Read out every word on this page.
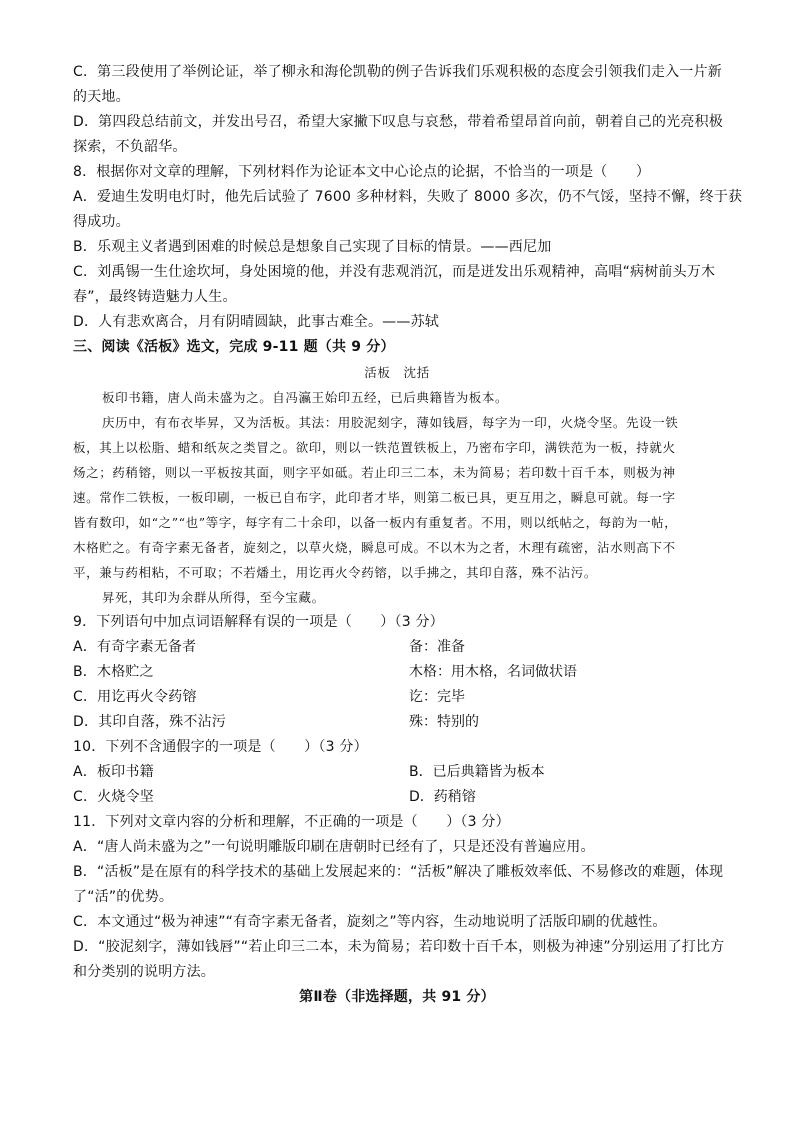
C．第三段使用了举例论证，举了柳永和海伦凯勒的例子告诉我们乐观积极的态度会引领我们走入一片新
的天地。
D．第四段总结前文，并发出号召，希望大家撇下叹息与哀愁，带着希望昂首向前，朝着自己的光亮积极
探索，不负韶华。
8．根据你对文章的理解，下列材料作为论证本文中心论点的论据，不恰当的一项是（　　）
A．爱迪生发明电灯时，他先后试验了 7600 多种材料，失败了 8000 多次，仍不气馁，坚持不懈，终于获
得成功。
B．乐观主义者遇到困难的时候总是想象自己实现了目标的情景。——西尼加
C．刘禹锡一生仕途坎坷，身处困境的他，并没有悲观消沉，而是迸发出乐观精神，高唱“病树前头万木
春”，最终铸造魅力人生。
D．人有悲欢离合，月有阴晴圆缺，此事古难全。——苏轼
三、阅读《活板》选文，完成 9-11 题（共 9 分）
活板　沈括
板印书籍，唐人尚未盛为之。自冯瀛王始印五经，已后典籍皆为板本。
庆历中，有布衣毕昇，又为活板。其法：用胶泥刻字，薄如钱唇，每字为一印，火烧令坚。先设一铁
板，其上以松脂、蜡和纸灰之类冒之。欲印，则以一铁范置铁板上，乃密布字印，满铁范为一板，持就火
炀之；药稍镕，则以一平板按其面，则字平如砥。若止印三二本，未为简易；若印数十百千本，则极为神
速。常作二铁板，一板印刷，一板已自布字，此印者才毕，则第二板已具，更互用之，瞬息可就。每一字
皆有数印，如“之”“也”等字，每字有二十余印，以备一板内有重复者。不用，则以纸帖之，每韵为一帖，
木格贮之。有奇字素无备者，旋刻之，以草火烧，瞬息可成。不以木为之者，木理有疏密，沾水则高下不
平，兼与药相粘，不可取；不若燔土，用讫再火令药镕，以手拂之，其印自落，殊不沾污。
昇死，其印为余群从所得，至今宝藏。
9．下列语句中加点词语解释有误的一项是（　　）（3 分）
A．有奇字素无备者	备：准备
B．木格贮之	木格：用木格，名词做状语
C．用讫再火令药镕	讫：完毕
D．其印自落，殊不沾污	殊：特别的
10．下列不含通假字的一项是（　　）（3 分）
A．板印书籍	B．已后典籍皆为板本
C．火烧令坚	D．药稍镕
11．下列对文章内容的分析和理解，不正确的一项是（　　）（3 分）
A．“唐人尚未盛为之”一句说明雕版印刷在唐朝时已经有了，只是还没有普遍应用。
B．“活板”是在原有的科学技术的基础上发展起来的：“活板”解决了雕板效率低、不易修改的难题，体现
了“活”的优势。
C．本文通过“极为神速”“有奇字素无备者，旋刻之”等内容，生动地说明了活版印刷的优越性。
D．“胶泥刻字，薄如钱唇”“若止印三二本，未为简易；若印数十百千本，则极为神速”分别运用了打比方
和分类别的说明方法。
第Ⅱ卷（非选择题，共 91 分）
